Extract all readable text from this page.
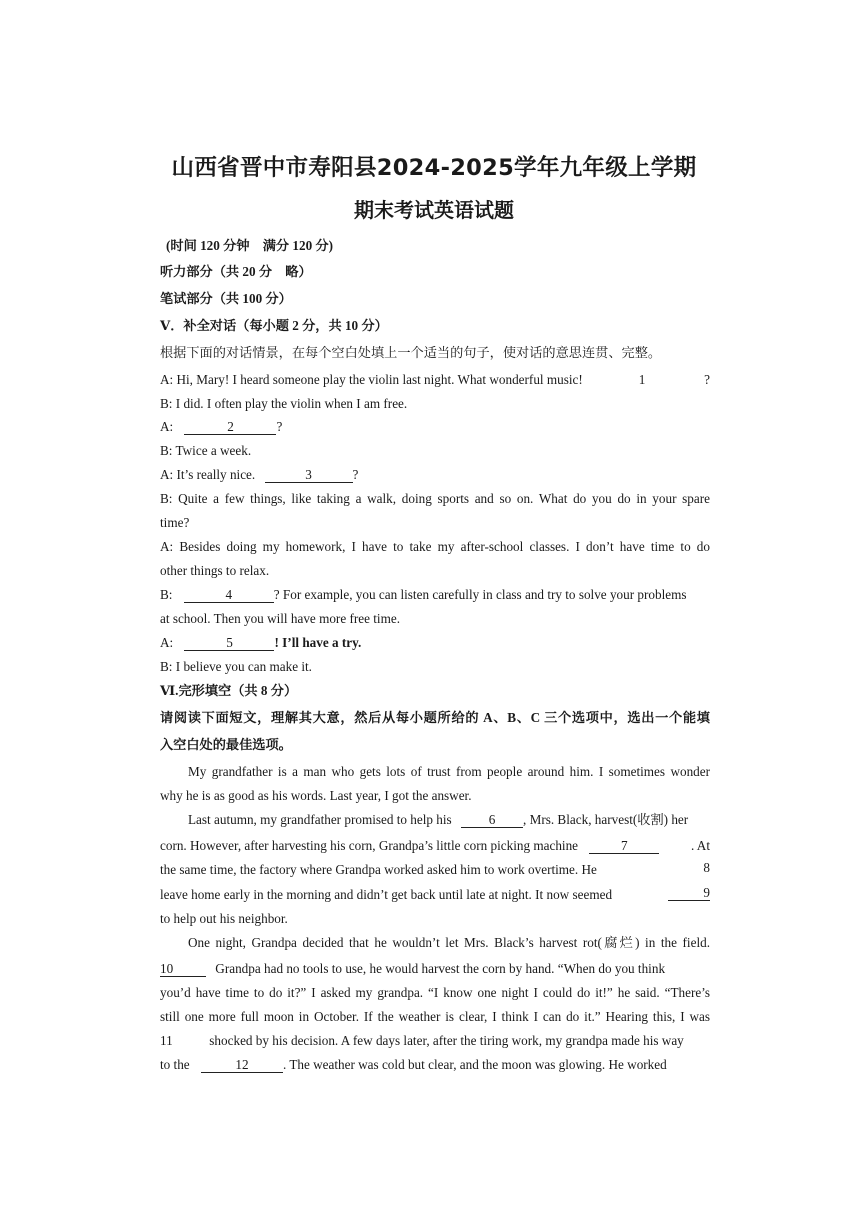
山西省晋中市寿阳县2024-2025学年九年级上学期
期末考试英语试题
(时间 120 分钟　满分 120 分)
听力部分（共 20 分　略）
笔试部分（共 100 分）
Ⅴ．补全对话（每小题 2 分，共 10 分）
根据下面的对话情景，在每个空白处填上一个适当的句子，使对话的意思连贯、完整。
A: Hi, Mary! I heard someone play the violin last night. What wonderful music!	1	?
B: I did. I often play the violin when I am free.
A:	2	?
B: Twice a week.
A: It’s really nice.	3	?
B: Quite a few things, like taking a walk, doing sports and so on. What do you do in your spare
time?
A: Besides doing my homework, I have to take my after-school classes. I don’t have time to do
other things to relax.
B:	4	? For example, you can listen carefully in class and try to solve your problems
at school. Then you will have more free time.
A:	5	! I’ll have a try.
B: I believe you can make it.
Ⅵ.完形填空（共 8 分）
请阅读下面短文，理解其大意，然后从每小题所给的 A、B、C 三个选项中，选出一个能填
入空白处的最佳选项。
My grandfather is a man who gets lots of trust from people around him. I sometimes wonder
why he is as good as his words. Last year, I got the answer.
Last autumn, my grandfather promised to help his	6 , Mrs. Black, harvest(收割) her
corn. However, after harvesting his corn, Grandpa’s little corn picking machine	7	. At
the same time, the factory where Grandpa worked asked him to work overtime. He	8
leave home early in the morning and didn’t get back until late at night. It now seemed	9
to help out his neighbor.
One night, Grandpa decided that he wouldn’t let Mrs. Black’s harvest rot(腐烂) in the field.
10	Grandpa had no tools to use, he would harvest the corn by hand. “When do you think
you’d have time to do it?” I asked my grandpa. “I know one night I could do it!” he said. “There’s
still one more full moon in October. If the weather is clear, I think I can do it.” Hearing this, I was
11	shocked by his decision. A few days later, after the tiring work, my grandpa made his way
to the	12	. The weather was cold but clear, and the moon was glowing. He worked
